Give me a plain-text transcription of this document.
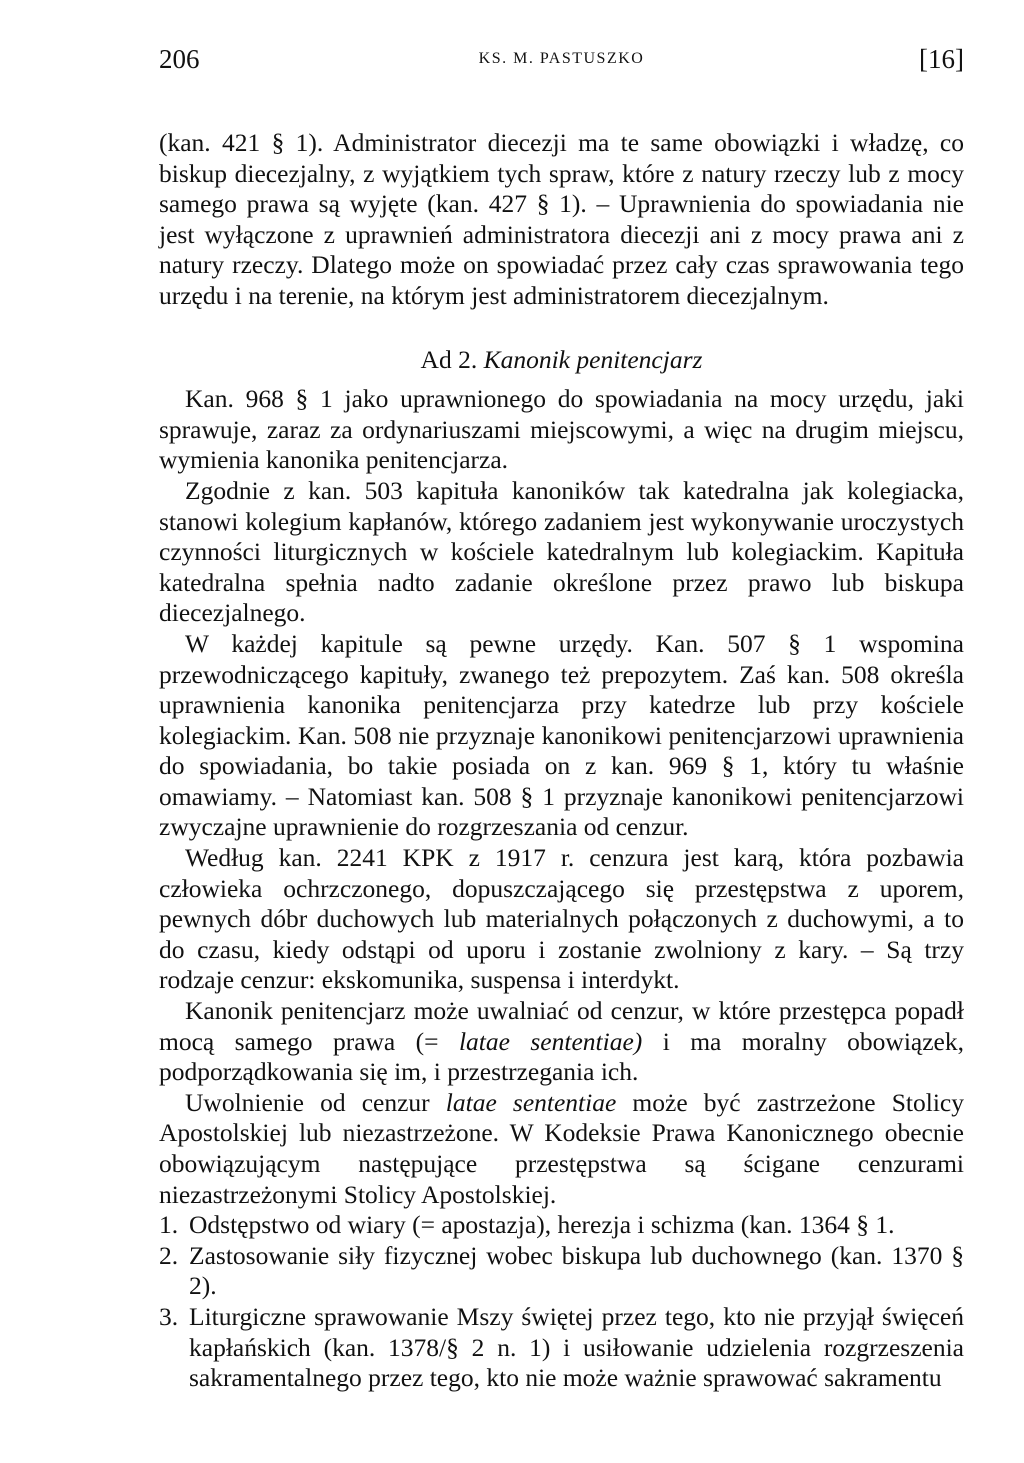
206	KS. M. PASTUSZKO	[16]

(kan. 421 § 1). Administrator diecezji ma te same obowiązki i władzę, co biskup diecezjalny, z wyjątkiem tych spraw, które z natury rzeczy lub z mocy samego prawa są wyjęte (kan. 427 § 1). – Uprawnienia do spowiadania nie jest wyłączone z uprawnień administratora diecezji ani z mocy prawa ani z natury rzeczy. Dlatego może on spowiadać przez cały czas sprawowania tego urzędu i na terenie, na którym jest administratorem diecezjalnym.

Ad 2. Kanonik penitencjarz

Kan. 968 § 1 jako uprawnionego do spowiadania na mocy urzędu, jaki sprawuje, zaraz za ordynariuszami miejscowymi, a więc na drugim miejscu, wymienia kanonika penitencjarza.

Zgodnie z kan. 503 kapituła kanoników tak katedralna jak kolegiacka, stanowi kolegium kapłanów, którego zadaniem jest wykonywanie uroczystych czynności liturgicznych w kościele katedralnym lub kolegiackim. Kapituła katedralna spełnia nadto zadanie określone przez prawo lub biskupa diecezjalnego.

W każdej kapitule są pewne urzędy. Kan. 507 § 1 wspomina przewodniczącego kapituły, zwanego też prepozytem. Zaś kan. 508 określa uprawnienia kanonika penitencjarza przy katedrze lub przy kościele kolegiackim. Kan. 508 nie przyznaje kanonikowi penitencjarzowi uprawnienia do spowiadania, bo takie posiada on z kan. 969 § 1, który tu właśnie omawiamy. – Natomiast kan. 508 § 1 przyznaje kanonikowi penitencjarzowi zwyczajne uprawnienie do rozgrzeszania od cenzur.

Według kan. 2241 KPK z 1917 r. cenzura jest karą, która pozbawia człowieka ochrzczonego, dopuszczającego się przestępstwa z uporem, pewnych dóbr duchowych lub materialnych połączonych z duchowymi, a to do czasu, kiedy odstąpi od uporu i zostanie zwolniony z kary. – Są trzy rodzaje cenzur: ekskomunika, suspensa i interdykt.

Kanonik penitencjarz może uwalniać od cenzur, w które przestępca popadł mocą samego prawa (= latae sententiae) i ma moralny obowiązek, podporządkowania się im, i przestrzegania ich.

Uwolnienie od cenzur latae sententiae może być zastrzeżone Stolicy Apostolskiej lub niezastrzeżone. W Kodeksie Prawa Kanonicznego obecnie obowiązującym następujące przestępstwa są ścigane cenzurami niezastrzeżonymi Stolicy Apostolskiej.

1. Odstępstwo od wiary (= apostazja), herezja i schizma (kan. 1364 § 1.
2. Zastosowanie siły fizycznej wobec biskupa lub duchownego (kan. 1370 § 2).
3. Liturgiczne sprawowanie Mszy świętej przez tego, kto nie przyjął święceń kapłańskich (kan. 1378/§ 2 n. 1) i usiłowanie udzielenia rozgrzeszenia sakramentalnego przez tego, kto nie może ważnie sprawować sakramentu
